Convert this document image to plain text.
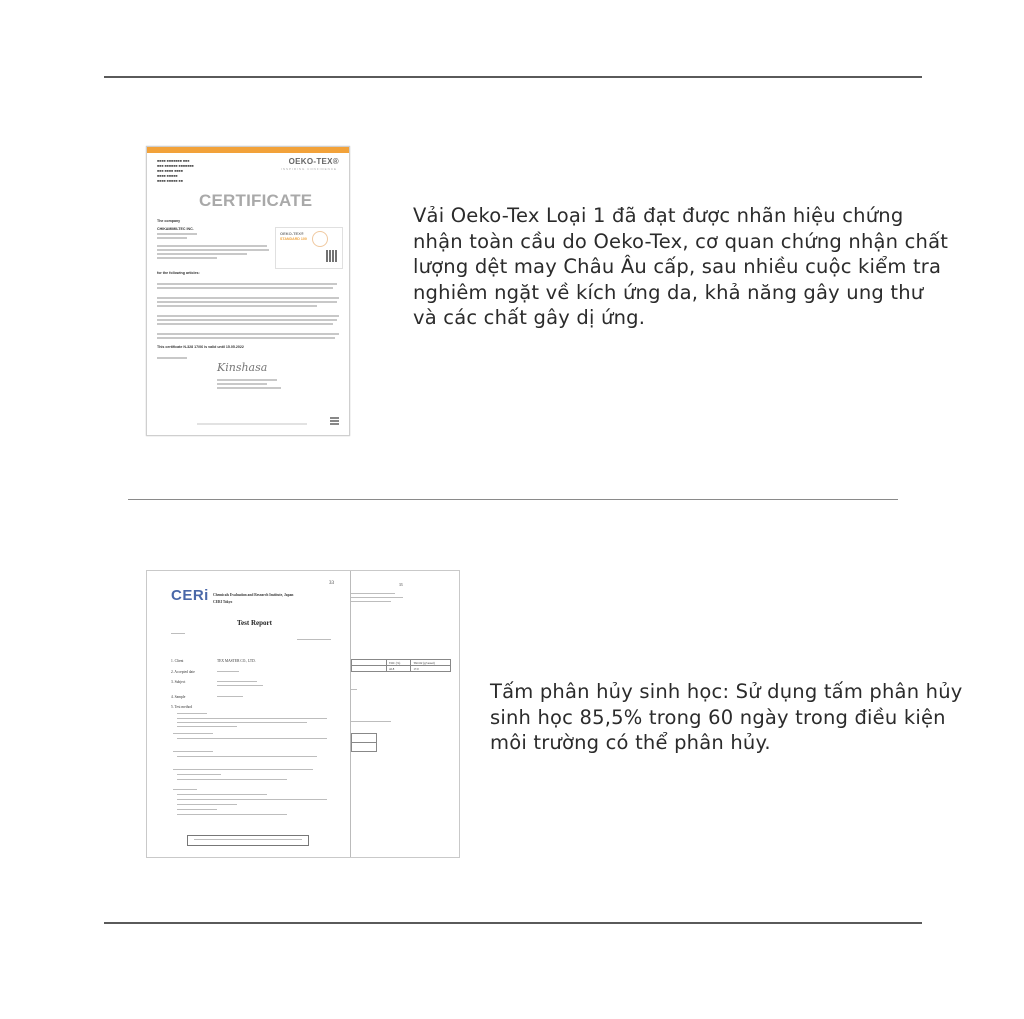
■■■■ ■■■■■■■ ■■■
■■■ ■■■■■■ ■■■■■■■
■■■ ■■■■ ■■■■
■■■■ ■■■■■
■■■■ ■■■■■ ■■
OEKO-TEX®
INSPIRING CONFIDENCE
CERTIFICATE
The company
CHIKAMIMILTEC INC.
OEKO-TEX®
STANDARD 100
for the following articles:
This certificate N-328 17/06 is valid until 15.05.2022
Kinshasa

Vải Oeko-Tex Loại 1 đã đạt được nhãn hiệu chứng nhận toàn cầu do Oeko-Tex, cơ quan chứng nhận chất lượng dệt may Châu Âu cấp, sau nhiều cuộc kiểm tra nghiêm ngặt về kích ứng da, khả năng gây ung thư và các chất gây dị ứng.

CERi
33
Chemicals Evaluation and Research Institute, Japan
CERI Tokyo
Test Report
1. Client	TEX MASTER CO., LTD.
2. Accepted date
3. Subject
4. Sample
5. Test method
33
	TOC (%)	ThCO2 (g/vessel)
	42.8	17.0

Tấm phân hủy sinh học: Sử dụng tấm phân hủy sinh học 85,5% trong 60 ngày trong điều kiện môi trường có thể phân hủy.
